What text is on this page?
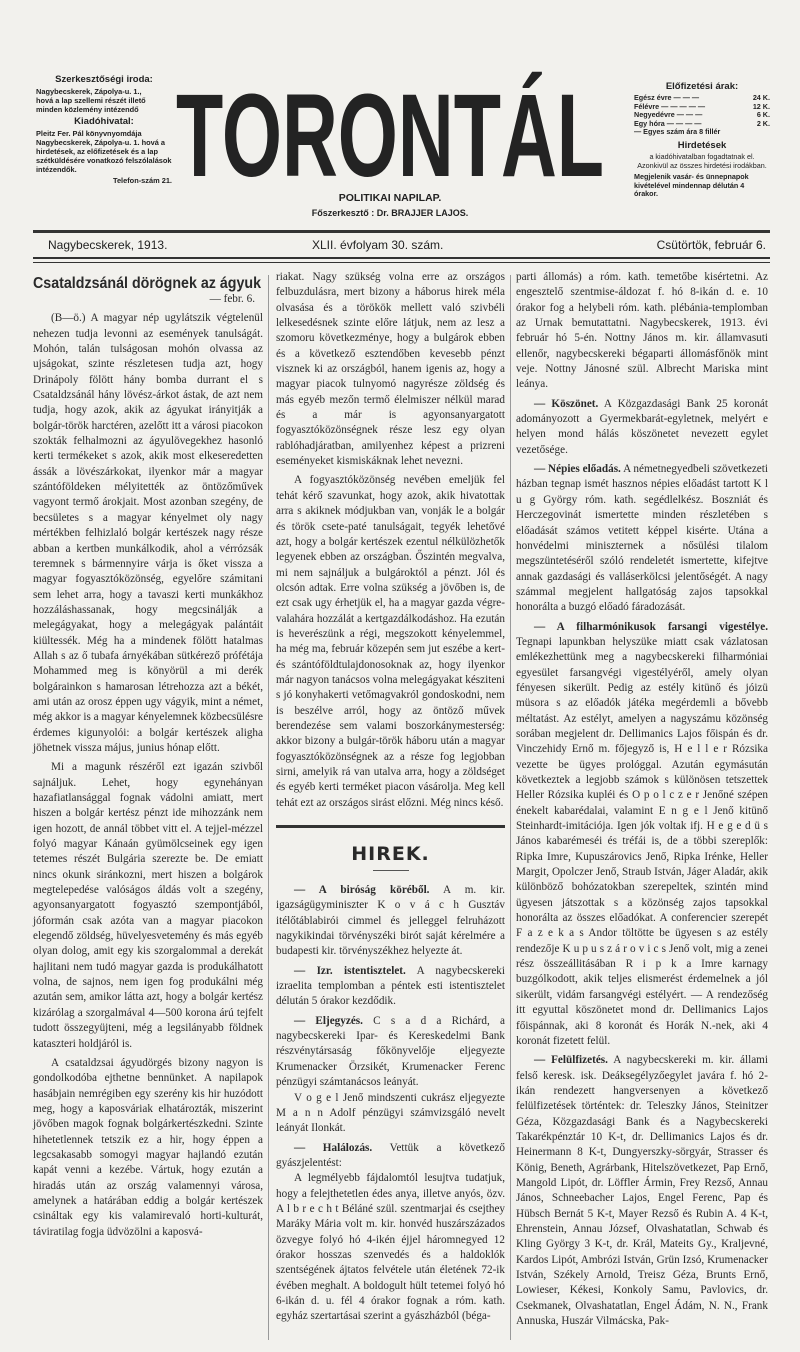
Szerkesztőségi iroda:
Nagybecskerek, Zápolya-u. 1.,
hová a lap szellemi részét illető minden közlemény intézendő
Kiadóhivatal:
Pleitz Fer. Pál könyvnyomdája Nagybecskerek, Zápolya-u. 1. hová a hirdetések, az előfizetések és a lap szétküldésére vonatkozó felszólalások intézendők.
Telefon-szám 21. TORONTÁL
POLITIKAI NAPILAP.
Főszerkesztő : Dr. BRAJJER LAJOS.
Előfizetési árak:
Egész évre — — —	24 K.
Félévre — — — — —	12 K.
Negyedévre — — —	6 K.
Egy hóra — — — —	2 K.
— Egyes szám ára 8 fillér
Hirdetések
a kiadóhivatalban fogadtatnak el. Azonkivül az összes hirdetési irodákban.
Megjelenik vasár- és ünnepnapok kivételével mindennap délután 4 órakor.
Nagybecskerek, 1913.	XLII. évfolyam 30. szám.	Csütörtök, február 6.
Csataldzsánál dörögnek az ágyuk
— febr. 6.

(B—ö.) A magyar nép ugylátszik végtelenül nehezen tudja levonni az események tanulságát. Mohón, talán tulságosan mohón olvassa az ujságokat, szinte részletesen tudja azt, hogy Drinápoly fölött hány bomba durrant el s Csataldzsánál hány lövész-árkot ástak, de azt nem tudja, hogy azok, akik az ágyukat irányitják a bolgár-török harctéren, azelőtt itt a városi piacokon szokták felhalmozni az ágyulövegekhez hasonló kerti termékeket s azok, akik most elkeseredetten ássák a lövészárkokat, ilyenkor már a magyar szántóföldeken mélyitették az öntözőművek vagyont termő árokjait. Most azonban szegény, de becsületes s a magyar kényelmet oly nagy mértékben felhizlaló bolgár kertészek nagy része abban a kertben munkálkodik, ahol a vérrózsák teremnek s bármennyire várja is őket vissza a magyar fogyasztóközönség, egyelőre számitani sem lehet arra, hogy a tavaszi kerti munkákhoz hozzáláshassanak, hogy megcsinálják a melegágyakat, hogy a melegágyak palántáit kiültessék. Még ha a mindenek fölött hatalmas Allah s az ő tubafa árnyékában sütkérező prófétája Mohammed meg is könyörül a mi derék bolgárainkon s hamarosan létrehozza azt a békét, ami után az orosz éppen ugy vágyik, mint a német, még akkor is a magyar kényelemnek közbecsülésre érdemes kigunyolói: a bolgár kertészek aligha jöhetnek vissza május, junius hónap előtt.

Mi a magunk részéről ezt igazán szivből sajnáljuk. Lehet, hogy egynehányan hazafiatlansággal fognak vádolni amiatt, mert hiszen a bolgár kertész pénzt ide mihozzánk nem igen hozott, de annál többet vitt el. A tejjel-mézzel folyó magyar Kánaán gyümölcseinek egy igen tetemes részét Bulgária szerezte be. De emiatt nincs okunk siránkozni, mert hiszen a bolgárok megtelepedése valóságos áldás volt a szegény, agyonsanyargatott fogyasztó szempontjából, jóformán csak azóta van a magyar piacokon elegendő zöldség, hüvelyesvetemény és más egyéb olyan dolog, amit egy kis szorgalommal a derekát hajlitani nem tudó magyar gazda is produkálhatott volna, de sajnos, nem igen fog produkálni még azután sem, amikor látta azt, hogy a bolgár kertész kizárólag a szorgalmával 4—500 korona árú tejfelt tudott összegyüjteni, még a legsilányabb földnek kataszteri holdjáról is.

A csataldzsai ágyudörgés bizony nagyon is gondolkodóba ejthetne bennünket. A napilapok hasábjain nemrégiben egy szerény kis hir huzódott meg, hogy a kaposváriak elhatározták, miszerint jövőben magok fognak bolgárkertészkedni. Szinte hihetetlennek tetszik ez a hir, hogy éppen a legcsakasabb somogyi magyar hajlandó ezután kapát venni a kezébe. Vártuk, hogy ezután a hiradás után az ország valamennyi városa, amelynek a határában eddig a bolgár kertészek csináltak egy kis valamirevaló horti-kulturát, táviratilag fogja üdvözölni a kaposvá-

riakat. Nagy szükség volna erre az országos felbuzdulásra, mert bizony a háborus hirek méla olvasása és a törökök mellett való szivbéli lelkesedésnek szinte előre látjuk, nem az lesz a szomoru következménye, hogy a bulgárok ebben és a következő esztendőben kevesebb pénzt visznek ki az országból, hanem igenis az, hogy a magyar piacok tulnyomó nagyrésze zöldség és más egyéb mezőn termő élelmiszer nélkül marad és a már is agyonsanyargatott fogyasztóközönségnek része lesz egy olyan rablóhadjáratban, amilyenhez képest a prizreni eseményeket kismiskáknak lehet nevezni.

A fogyasztóközönség nevében emeljük fel tehát kérő szavunkat, hogy azok, akik hivatottak arra s akiknek módjukban van, vonják le a bolgár és török csete-paté tanulságait, tegyék lehetővé azt, hogy a bolgár kertészek ezentul nélkülözhetők legyenek ebben az országban. Őszintén megvalva, mi nem sajnáljuk a bulgároktól a pénzt. Jól és olcsón adtak. Erre volna szükség a jövőben is, de ezt csak ugy érhetjük el, ha a magyar gazda végre-valahára hozzálát a kertgazdálkodáshoz. Ha ezután is heverészünk a régi, megszokott kényelemmel, ha még ma, február közepén sem jut eszébe a kert- és szántóföldtulajdonosoknak az, hogy ilyenkor már nagyon tanácsos volna melegágyakat késziteni s jó konyhakerti vetőmagvakról gondoskodni, nem is beszélve arról, hogy az öntöző művek berendezése sem valami boszorkánymesterség: akkor bizony a bulgár-török háboru után a magyar fogyasztóközönségnek az a része fog legjobban sirni, amelyik rá van utalva arra, hogy a zöldséget és egyéb kerti terméket piacon vásárolja. Meg kell tehát ezt az országos sirást előzni. Még nincs késő.

HIREK.

— A biróság köréből. A m. kir. igazságügyminiszter K o v á c h Gusztáv itélőtáblabirói cimmel és jelleggel felruházott nagykikindai törvényszéki birót saját kérelmére a budapesti kir. törvényszékhez helyezte át.

— Izr. istentisztelet. A nagybecskereki izraelita templomban a péntek esti istentisztelet délután 5 órakor kezdődik.

— Eljegyzés. C s a d a Richárd, a nagybecskereki Ipar- és Kereskedelmi Bank részvénytársaság főkönyvelője eljegyezte Krumenacker Örzsikét, Krumenacker Ferenc pénzügyi számtanácsos leányát.

V o g e l Jenő mindszenti cukrász eljegyezte M a n n Adolf pénzügyi számvizsgáló nevelt leányát Ilonkát.

— Halálozás. Vettük a következő gyászjelentést:

A legmélyebb fájdalomtól lesujtva tudatjuk, hogy a felejthetetlen édes anya, illetve anyós, özv. A l b r e c h t Béláné szül. szentmarjai és csejthey Maráky Mária volt m. kir. honvéd huszárszázados özvegye folyó hó 4-ikén éjjel háromnegyed 12 órakor hosszas szenvedés és a haldoklók szentségének ájtatos felvétele után életének 72-ik évében meghalt. A boldogult hült tetemei folyó hó 6-ikán d. u. fél 4 órakor fognak a róm. kath. egyház szertartásai szerint a gyászházból (béga-

parti állomás) a róm. kath. temetőbe kisértetni. Az engesztelő szentmise-áldozat f. hó 8-ikán d. e. 10 órakor fog a helybeli róm. kath. plébánia-templomban az Urnak bemutattatni. Nagybecskerek, 1913. évi február hó 5-én. Nottny János m. kir. államvasuti ellenőr, nagybecskereki bégaparti állomásfőnök mint veje. Nottny Jánosné szül. Albrecht Mariska mint leánya.

— Köszönet. A Közgazdasági Bank 25 koronát adományozott a Gyermekbarát-egyletnek, melyért e helyen mond hálás köszönetet nevezett egylet vezetősége.

— Népies előadás. A németnegyedbeli szövetkezeti házban tegnap ismét hasznos népies előadást tartott K l u g György róm. kath. segédlelkész. Boszniát és Herczegovinát ismertette minden részletében s előadását számos vetitett képpel kisérte. Utána a honvédelmi miniszternek a nősülési tilalom megszüntetéséről szóló rendeletét ismertette, kifejtve annak gazdasági és valláserkölcsi jelentőségét. A nagy számmal megjelent hallgatóság zajos tapsokkal honorálta a buzgó előadó fáradozását.

— A filharmónikusok farsangi vigestélye. Tegnapi lapunkban helyszüke miatt csak vázlatosan emlékezhettünk meg a nagybecskereki filharmóniai egyesület farsangvégi vigestélyéről, amely olyan fényesen sikerült. Pedig az estély kitünő és jóizü müsora s az előadók játéka megérdemli a bővebb méltatást. Az estélyt, amelyen a nagyszámu közönség sorában megjelent dr. Dellimanics Lajos főispán és dr. Vinczehidy Ernő m. főjegyző is, H e l l e r Rózsika vezette be ügyes prológgal. Azután egymásután következtek a legjobb számok s különösen tetszettek Heller Rózsika kupléi és O p o l c z e r Jenőné szépen énekelt kabarédalai, valamint E n g e l Jenő kitünő Steinhardt-imitációja. Igen jók voltak ifj. H e g e d ü s János kabarémeséi és tréfái is, de a többi szereplők: Ripka Imre, Kupuszárovics Jenő, Ripka Irénke, Heller Margit, Opolczer Jenő, Straub István, Jáger Aladár, akik különböző bohózatokban szerepeltek, szintén mind ügyesen játszottak s a közönség zajos tapsokkal honorálta az összes előadókat. A conferencier szerepét F a z e k a s Andor töltötte be ügyesen s az estély rendezője K u p u s z á r o v i c s Jenő volt, mig a zenei rész összeállitásában R i p k a Imre karnagy buzgólkodott, akik teljes elismerést érdemelnek a jól sikerült, vidám farsangvégi estélyért. — A rendezőség itt egyuttal köszönetet mond dr. Dellimanics Lajos főispánnak, aki 8 koronát és Horák N.-nek, aki 4 koronát fizetett felül.

— Felülfizetés. A nagybecskereki m. kir. állami felső keresk. isk. Deáksegélyzőegylet javára f. hó 2-ikán rendezett hangversenyen a következő felülfizetések történtek: dr. Teleszky János, Steinitzer Géza, Közgazdasági Bank és a Nagybecskereki Takarékpénztár 10 K-t, dr. Dellimanics Lajos és dr. Heinermann 8 K-t, Dungyerszky-sörgyár, Strasser és König, Beneth, Agrárbank, Hitelszövetkezet, Pap Ernő, Mangold Lipót, dr. Löffler Ármin, Frey Rezső, Annau János, Schneebacher Lajos, Engel Ferenc, Pap és Hübsch Bernát 5 K-t, Mayer Rezső és Rubin A. 4 K-t, Ehrenstein, Annau József, Olvashatatlan, Schwab és Kling György 3 K-t, dr. Král, Mateits Gy., Kraljevné, Kardos Lipót, Ambrózi István, Grün Izsó, Krumenacker István, Székely Arnold, Treisz Géza, Brunts Ernő, Lowieser, Kékesi, Konkoly Samu, Pavlovics, dr. Csekmanek, Olvashatatlan, Engel Ádám, N. N., Frank Annuska, Huszár Vilmácska, Pak-
